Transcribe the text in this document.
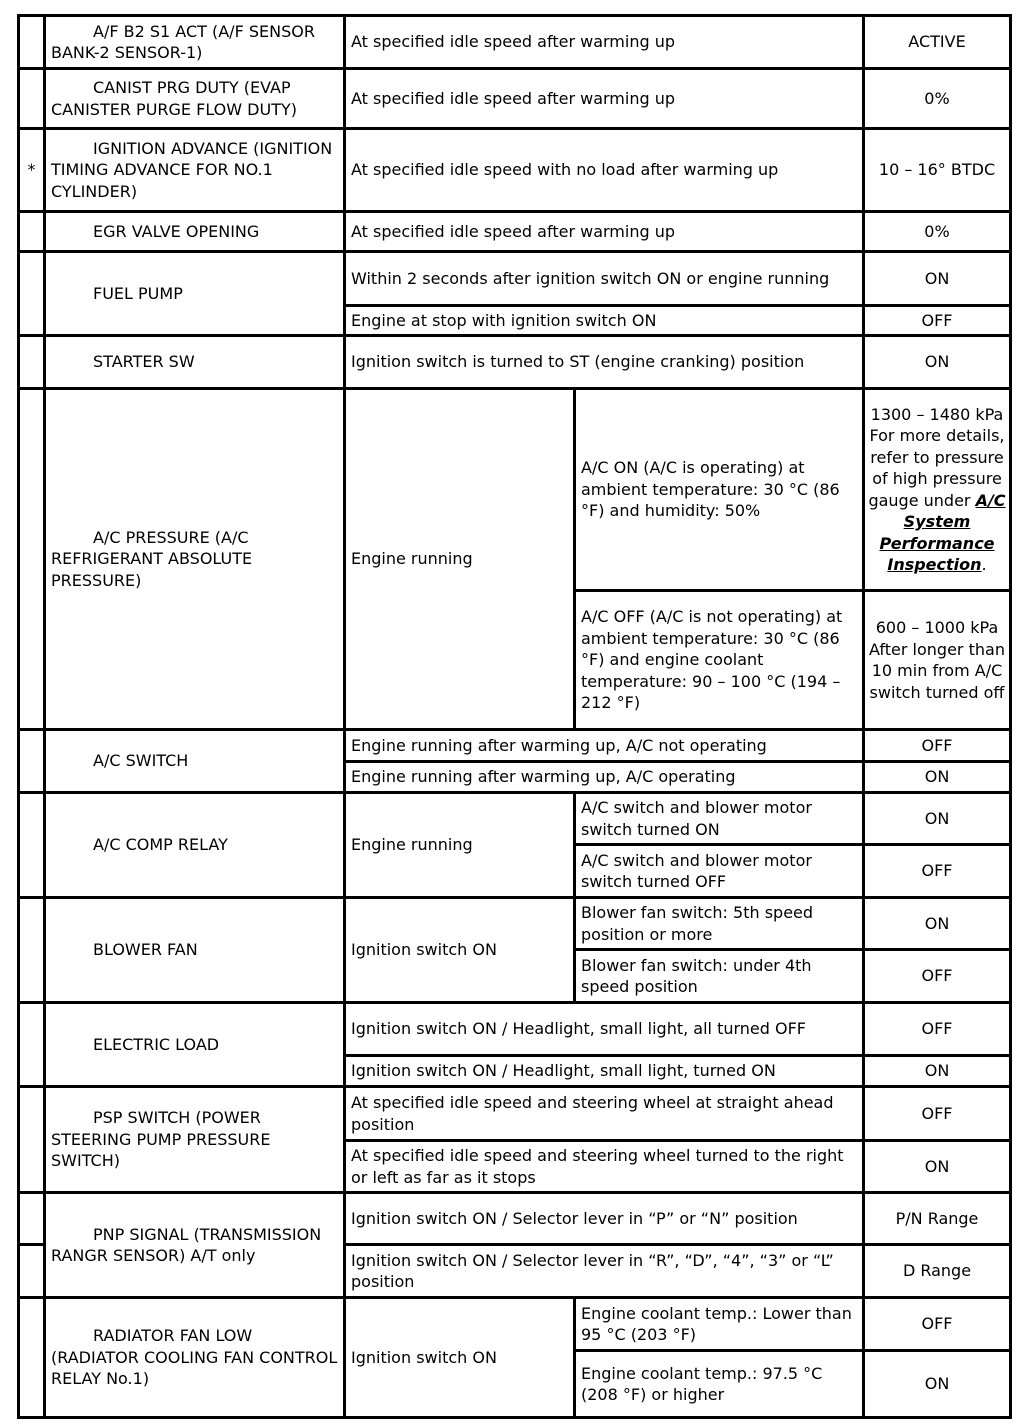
	A/F B2 S1 ACT (A/F SENSOR BANK-2 SENSOR-1)	At specified idle speed after warming up		ACTIVE

	CANIST PRG DUTY (EVAP CANISTER PURGE FLOW DUTY)	At specified idle speed after warming up		0%
*	IGNITION ADVANCE (IGNITION TIMING ADVANCE FOR NO.1 CYLINDER)	At specified idle speed with no load after warming up		10 – 16° BTDC

	EGR VALVE OPENING	At specified idle speed after warming up		0%

	FUEL PUMP	Within 2 seconds after ignition switch ON or engine running		ON
		Engine at stop with ignition switch ON		OFF

	STARTER SW	Ignition switch is turned to ST (engine cranking) position		ON

	A/C PRESSURE (A/C REFRIGERANT ABSOLUTE PRESSURE)	Engine running	A/C ON (A/C is operating) at ambient temperature: 30 °C (86 °F) and humidity: 50%	1300 – 1480 kPa For more details, refer to pressure of high pressure gauge under A/C System Performance Inspection.
			A/C OFF (A/C is not operating) at ambient temperature: 30 °C (86 °F) and engine coolant temperature: 90 – 100 °C (194 – 212 °F)	600 – 1000 kPa After longer than 10 min from A/C switch turned off

	A/C SWITCH	Engine running after warming up, A/C not operating		OFF
		Engine running after warming up, A/C operating		ON

	A/C COMP RELAY	Engine running	A/C switch and blower motor switch turned ON	ON
			A/C switch and blower motor switch turned OFF	OFF

	BLOWER FAN	Ignition switch ON	Blower fan switch: 5th speed position or more	ON
			Blower fan switch: under 4th speed position	OFF

	ELECTRIC LOAD	Ignition switch ON / Headlight, small light, all turned OFF		OFF
		Ignition switch ON / Headlight, small light, turned ON		ON

	PSP SWITCH (POWER STEERING PUMP PRESSURE SWITCH)	At specified idle speed and steering wheel at straight ahead position		OFF
		At specified idle speed and steering wheel turned to the right or left as far as it stops		ON

	PNP SIGNAL (TRANSMISSION RANGR SENSOR) A/T only	Ignition switch ON / Selector lever in “P” or “N” position		P/N Range
		Ignition switch ON / Selector lever in “R”, “D”, “4”, “3” or “L” position		D Range

	RADIATOR FAN LOW (RADIATOR COOLING FAN CONTROL RELAY No.1)	Ignition switch ON	Engine coolant temp.: Lower than 95 °C (203 °F)	OFF
			Engine coolant temp.: 97.5 °C (208 °F) or higher	ON
